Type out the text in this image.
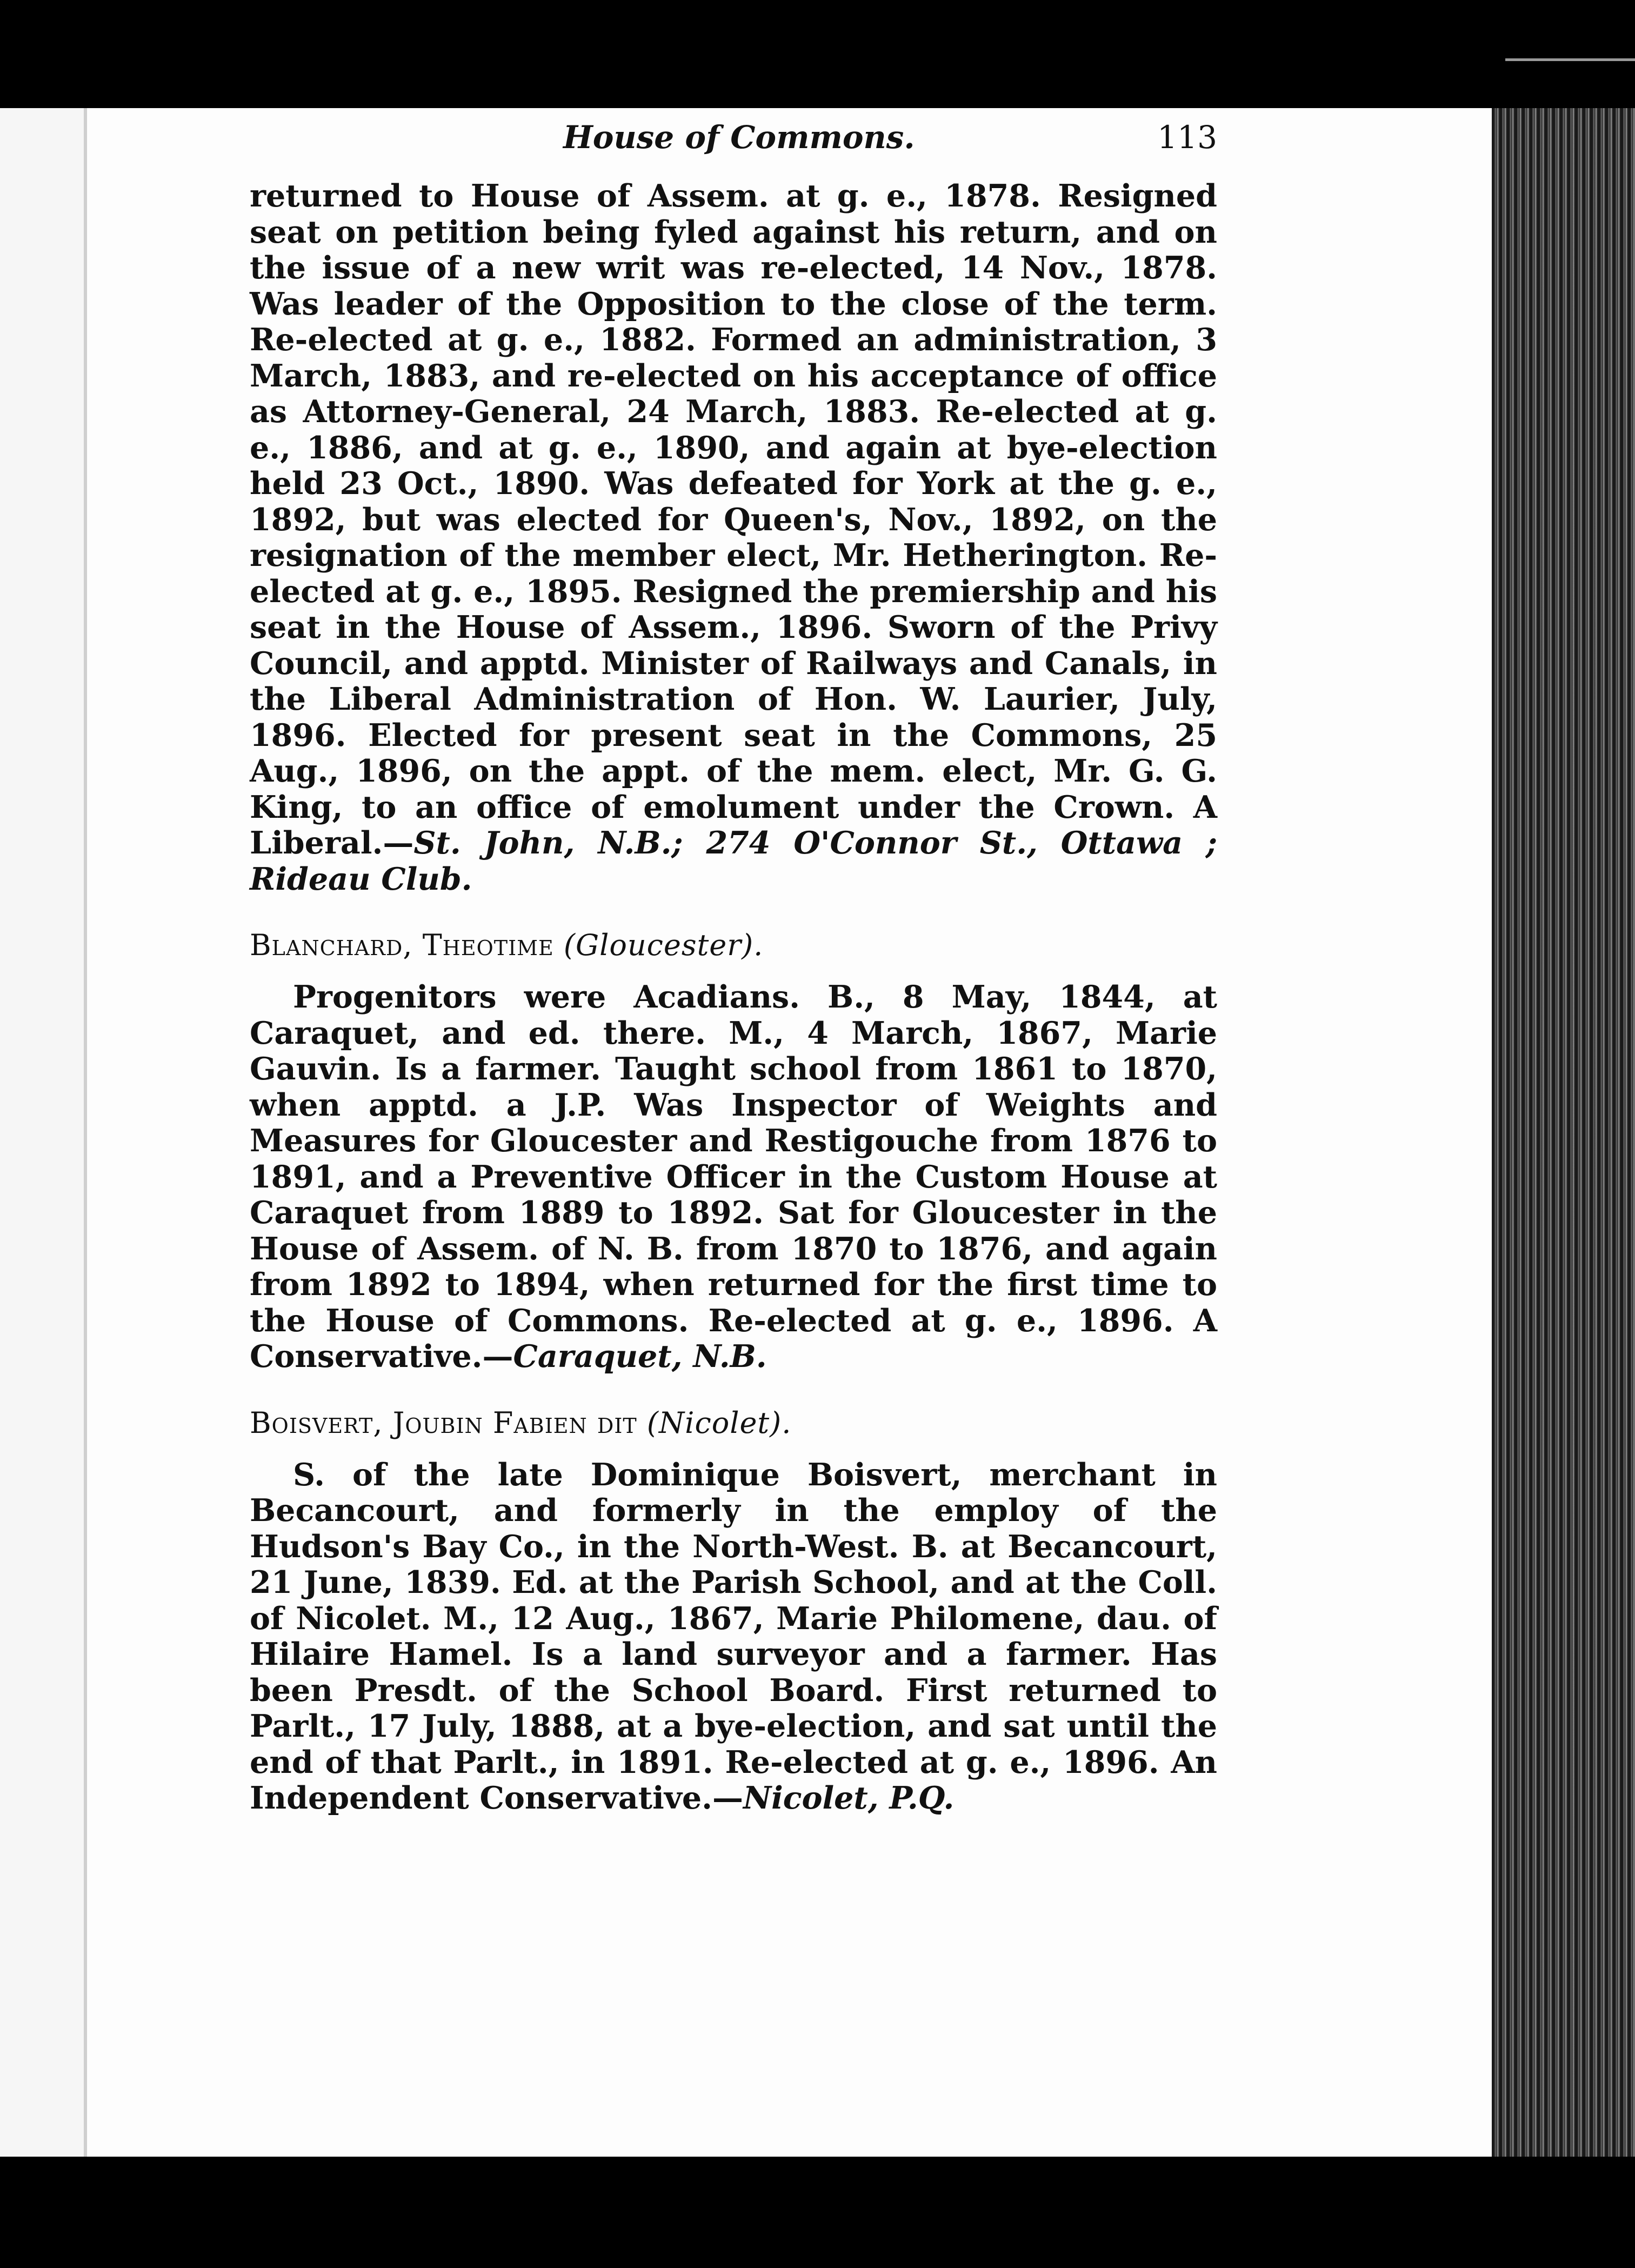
House of Commons.	113

returned to House of Assem. at g. e., 1878. Resigned seat on petition being fyled against his return, and on the issue of a new writ was re-elected, 14 Nov., 1878. Was leader of the Opposition to the close of the term. Re-elected at g. e., 1882. Formed an administration, 3 March, 1883, and re-elected on his acceptance of office as Attorney-General, 24 March, 1883. Re-elected at g. e., 1886, and at g. e., 1890, and again at bye-election held 23 Oct., 1890. Was defeated for York at the g. e., 1892, but was elected for Queen's, Nov., 1892, on the resignation of the member elect, Mr. Hetherington. Re-elected at g. e., 1895. Resigned the premiership and his seat in the House of Assem., 1896. Sworn of the Privy Council, and apptd. Minister of Railways and Canals, in the Liberal Administration of Hon. W. Laurier, July, 1896. Elected for present seat in the Commons, 25 Aug., 1896, on the appt. of the mem. elect, Mr. G. G. King, to an office of emolument under the Crown. A Liberal.—St. John, N.B.; 274 O'Connor St., Ottawa ; Rideau Club.

Blanchard, Theotime (Gloucester).

Progenitors were Acadians. B., 8 May, 1844, at Caraquet, and ed. there. M., 4 March, 1867, Marie Gauvin. Is a farmer. Taught school from 1861 to 1870, when apptd. a J.P. Was Inspector of Weights and Measures for Gloucester and Restigouche from 1876 to 1891, and a Preventive Officer in the Custom House at Caraquet from 1889 to 1892. Sat for Gloucester in the House of Assem. of N. B. from 1870 to 1876, and again from 1892 to 1894, when returned for the first time to the House of Commons. Re-elected at g. e., 1896. A Conservative.—Caraquet, N.B.

Boisvert, Joubin Fabien dit (Nicolet).

S. of the late Dominique Boisvert, merchant in Becancourt, and formerly in the employ of the Hudson's Bay Co., in the North-West. B. at Becancourt, 21 June, 1839. Ed. at the Parish School, and at the Coll. of Nicolet. M., 12 Aug., 1867, Marie Philomene, dau. of Hilaire Hamel. Is a land surveyor and a farmer. Has been Presdt. of the School Board. First returned to Parlt., 17 July, 1888, at a bye-election, and sat until the end of that Parlt., in 1891. Re-elected at g. e., 1896. An Independent Conservative.—Nicolet, P.Q.
